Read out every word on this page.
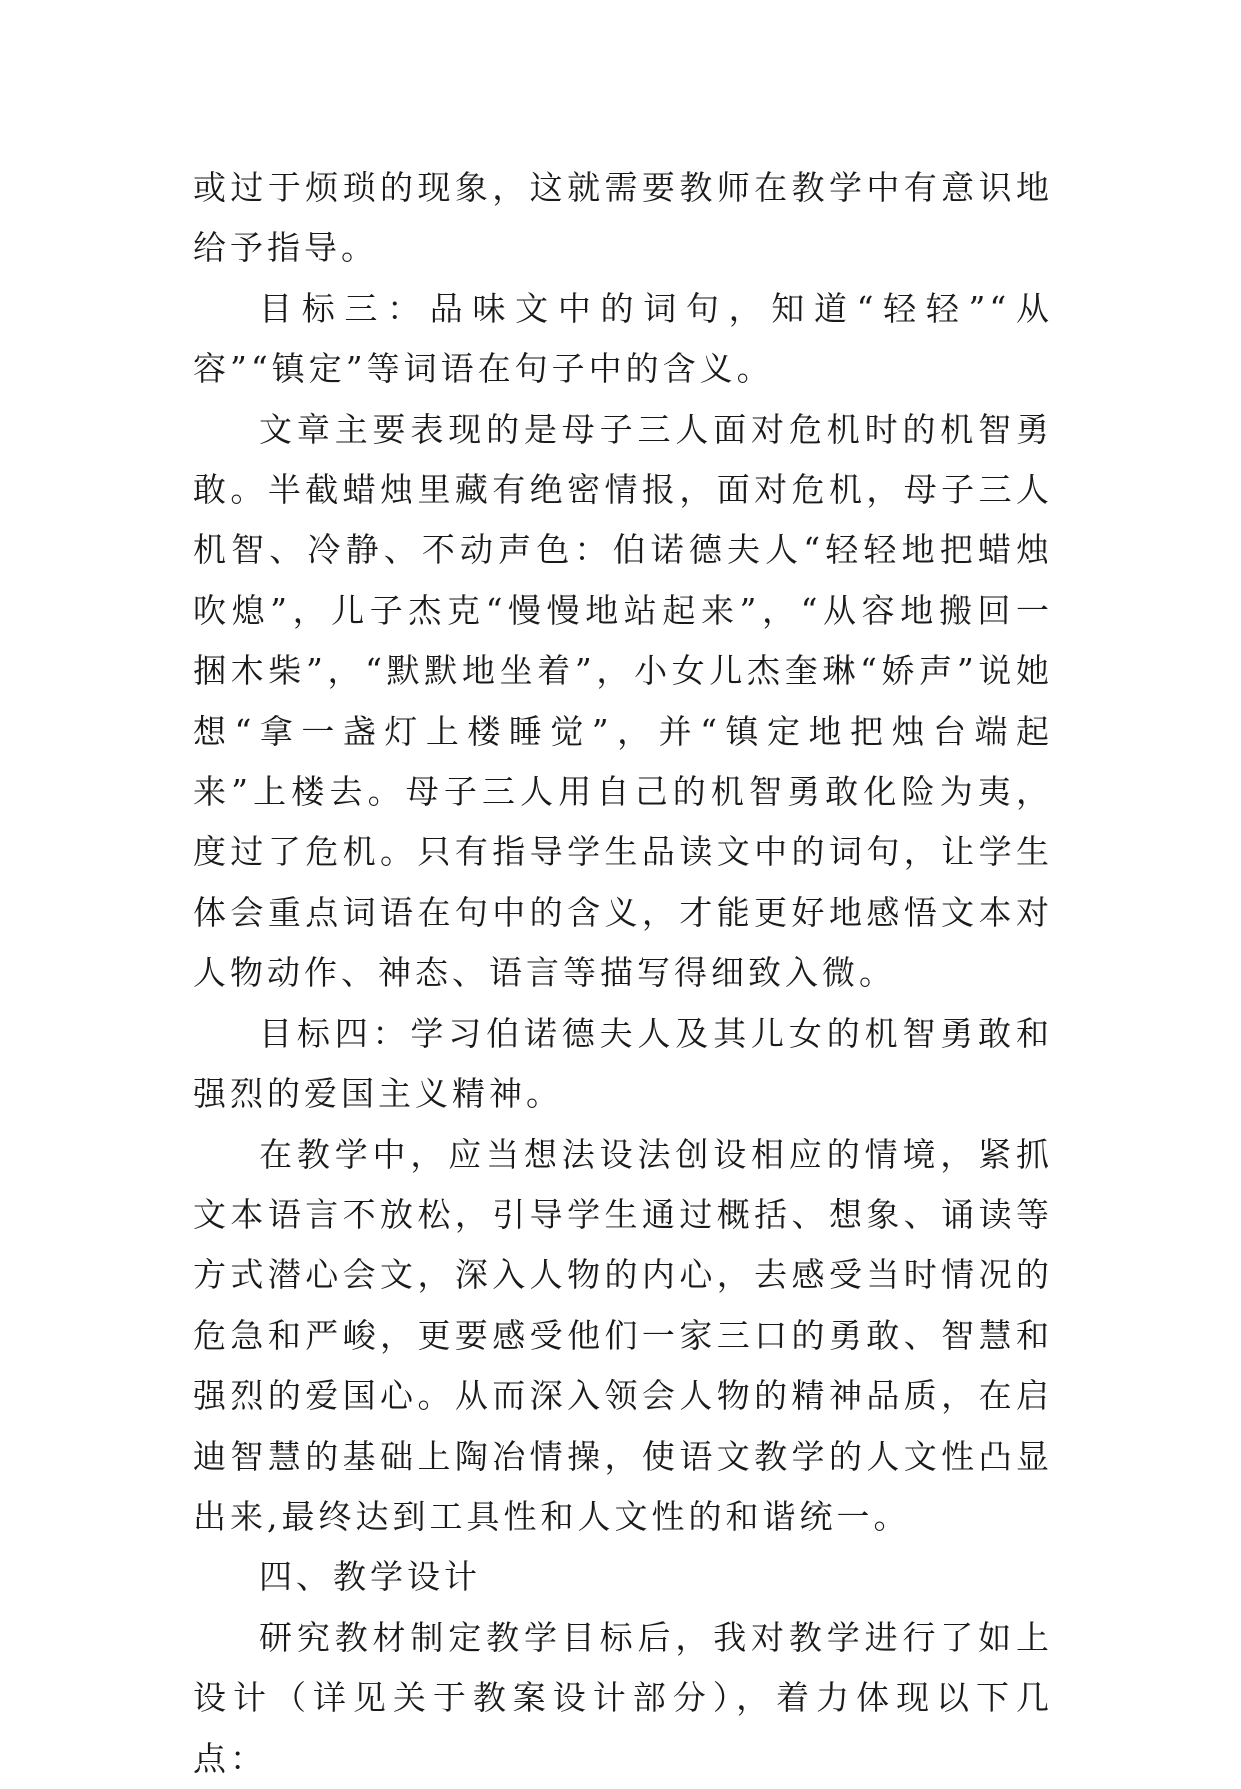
或过于烦琐的现象，这就需要教师在教学中有意识地给予指导。

目标三：品味文中的词句，知道“轻轻”“从容”“镇定”等词语在句子中的含义。

文章主要表现的是母子三人面对危机时的机智勇敢。半截蜡烛里藏有绝密情报，面对危机，母子三人机智、冷静、不动声色：伯诺德夫人“轻轻地把蜡烛吹熄”，儿子杰克“慢慢地站起来”，“从容地搬回一捆木柴”，“默默地坐着”，小女儿杰奎琳“娇声”说她想“拿一盏灯上楼睡觉”，并“镇定地把烛台端起来”上楼去。母子三人用自己的机智勇敢化险为夷，度过了危机。只有指导学生品读文中的词句，让学生体会重点词语在句中的含义，才能更好地感悟文本对人物动作、神态、语言等描写得细致入微。

目标四：学习伯诺德夫人及其儿女的机智勇敢和强烈的爱国主义精神。

在教学中，应当想法设法创设相应的情境，紧抓文本语言不放松，引导学生通过概括、想象、诵读等方式潜心会文，深入人物的内心，去感受当时情况的危急和严峻，更要感受他们一家三口的勇敢、智慧和强烈的爱国心。从而深入领会人物的精神品质，在启迪智慧的基础上陶冶情操，使语文教学的人文性凸显出来,最终达到工具性和人文性的和谐统一。

四、教学设计

研究教材制定教学目标后，我对教学进行了如上设计（详见关于教案设计部分），着力体现以下几点：
